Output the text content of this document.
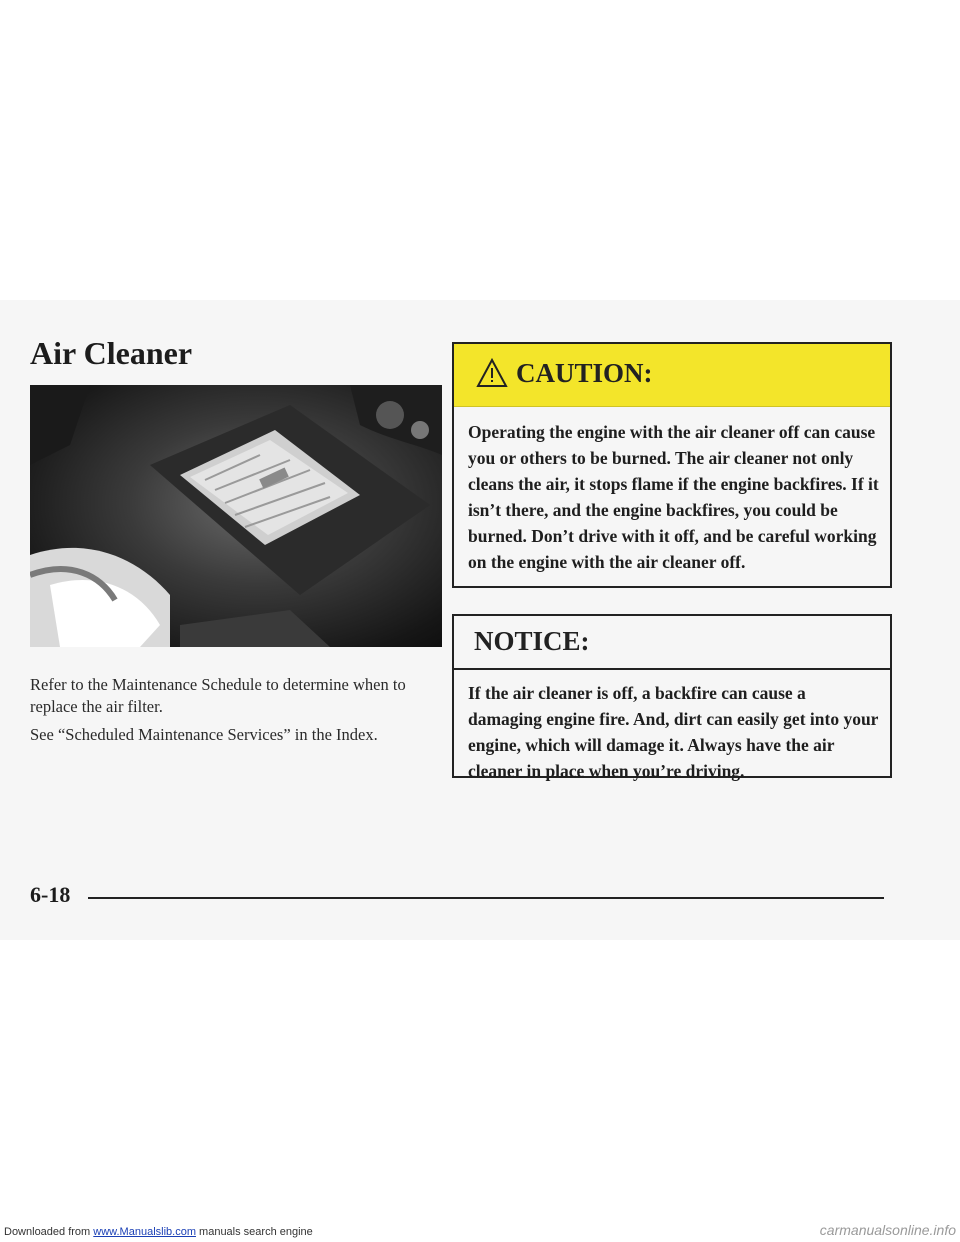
Air Cleaner

Refer to the Maintenance Schedule to determine when to replace the air filter.

See “Scheduled Maintenance Services” in the Index.

CAUTION:

Operating the engine with the air cleaner off can cause you or others to be burned. The air cleaner not only cleans the air, it stops flame if the engine backfires. If it isn’t there, and the engine backfires, you could be burned. Don’t drive with it off, and be careful working on the engine with the air cleaner off.

NOTICE:

If the air cleaner is off, a backfire can cause a damaging engine fire. And, dirt can easily get into your engine, which will damage it. Always have the air cleaner in place when you’re driving.

6-18
Downloaded from www.Manualslib.com manuals search engine	carmanualsonline.info
